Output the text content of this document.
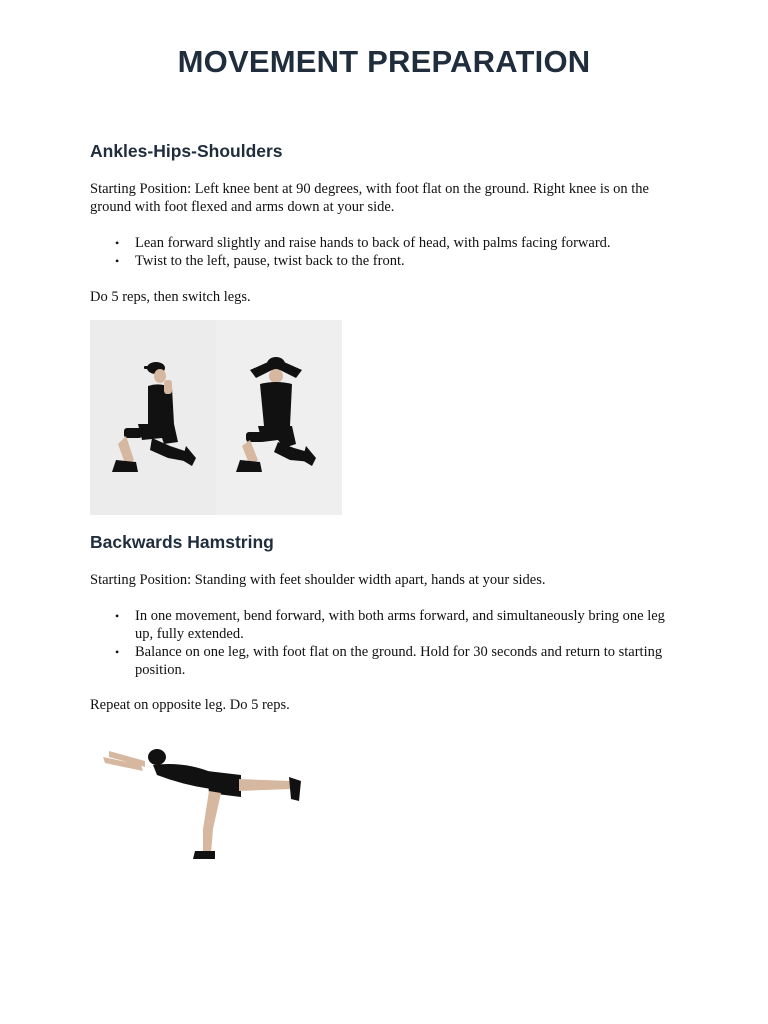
MOVEMENT PREPARATION
Ankles-Hips-Shoulders

Starting Position: Left knee bent at 90 degrees, with foot flat on the ground. Right knee is on the ground with foot flexed and arms down at your side.

• Lean forward slightly and raise hands to back of head, with palms facing forward.
• Twist to the left, pause, twist back to the front.

Do 5 reps, then switch legs.

Backwards Hamstring

Starting Position: Standing with feet shoulder width apart, hands at your sides.

• In one movement, bend forward, with both arms forward, and simultaneously bring one leg up, fully extended.
• Balance on one leg, with foot flat on the ground. Hold for 30 seconds and return to starting position.

Repeat on opposite leg. Do 5 reps.
